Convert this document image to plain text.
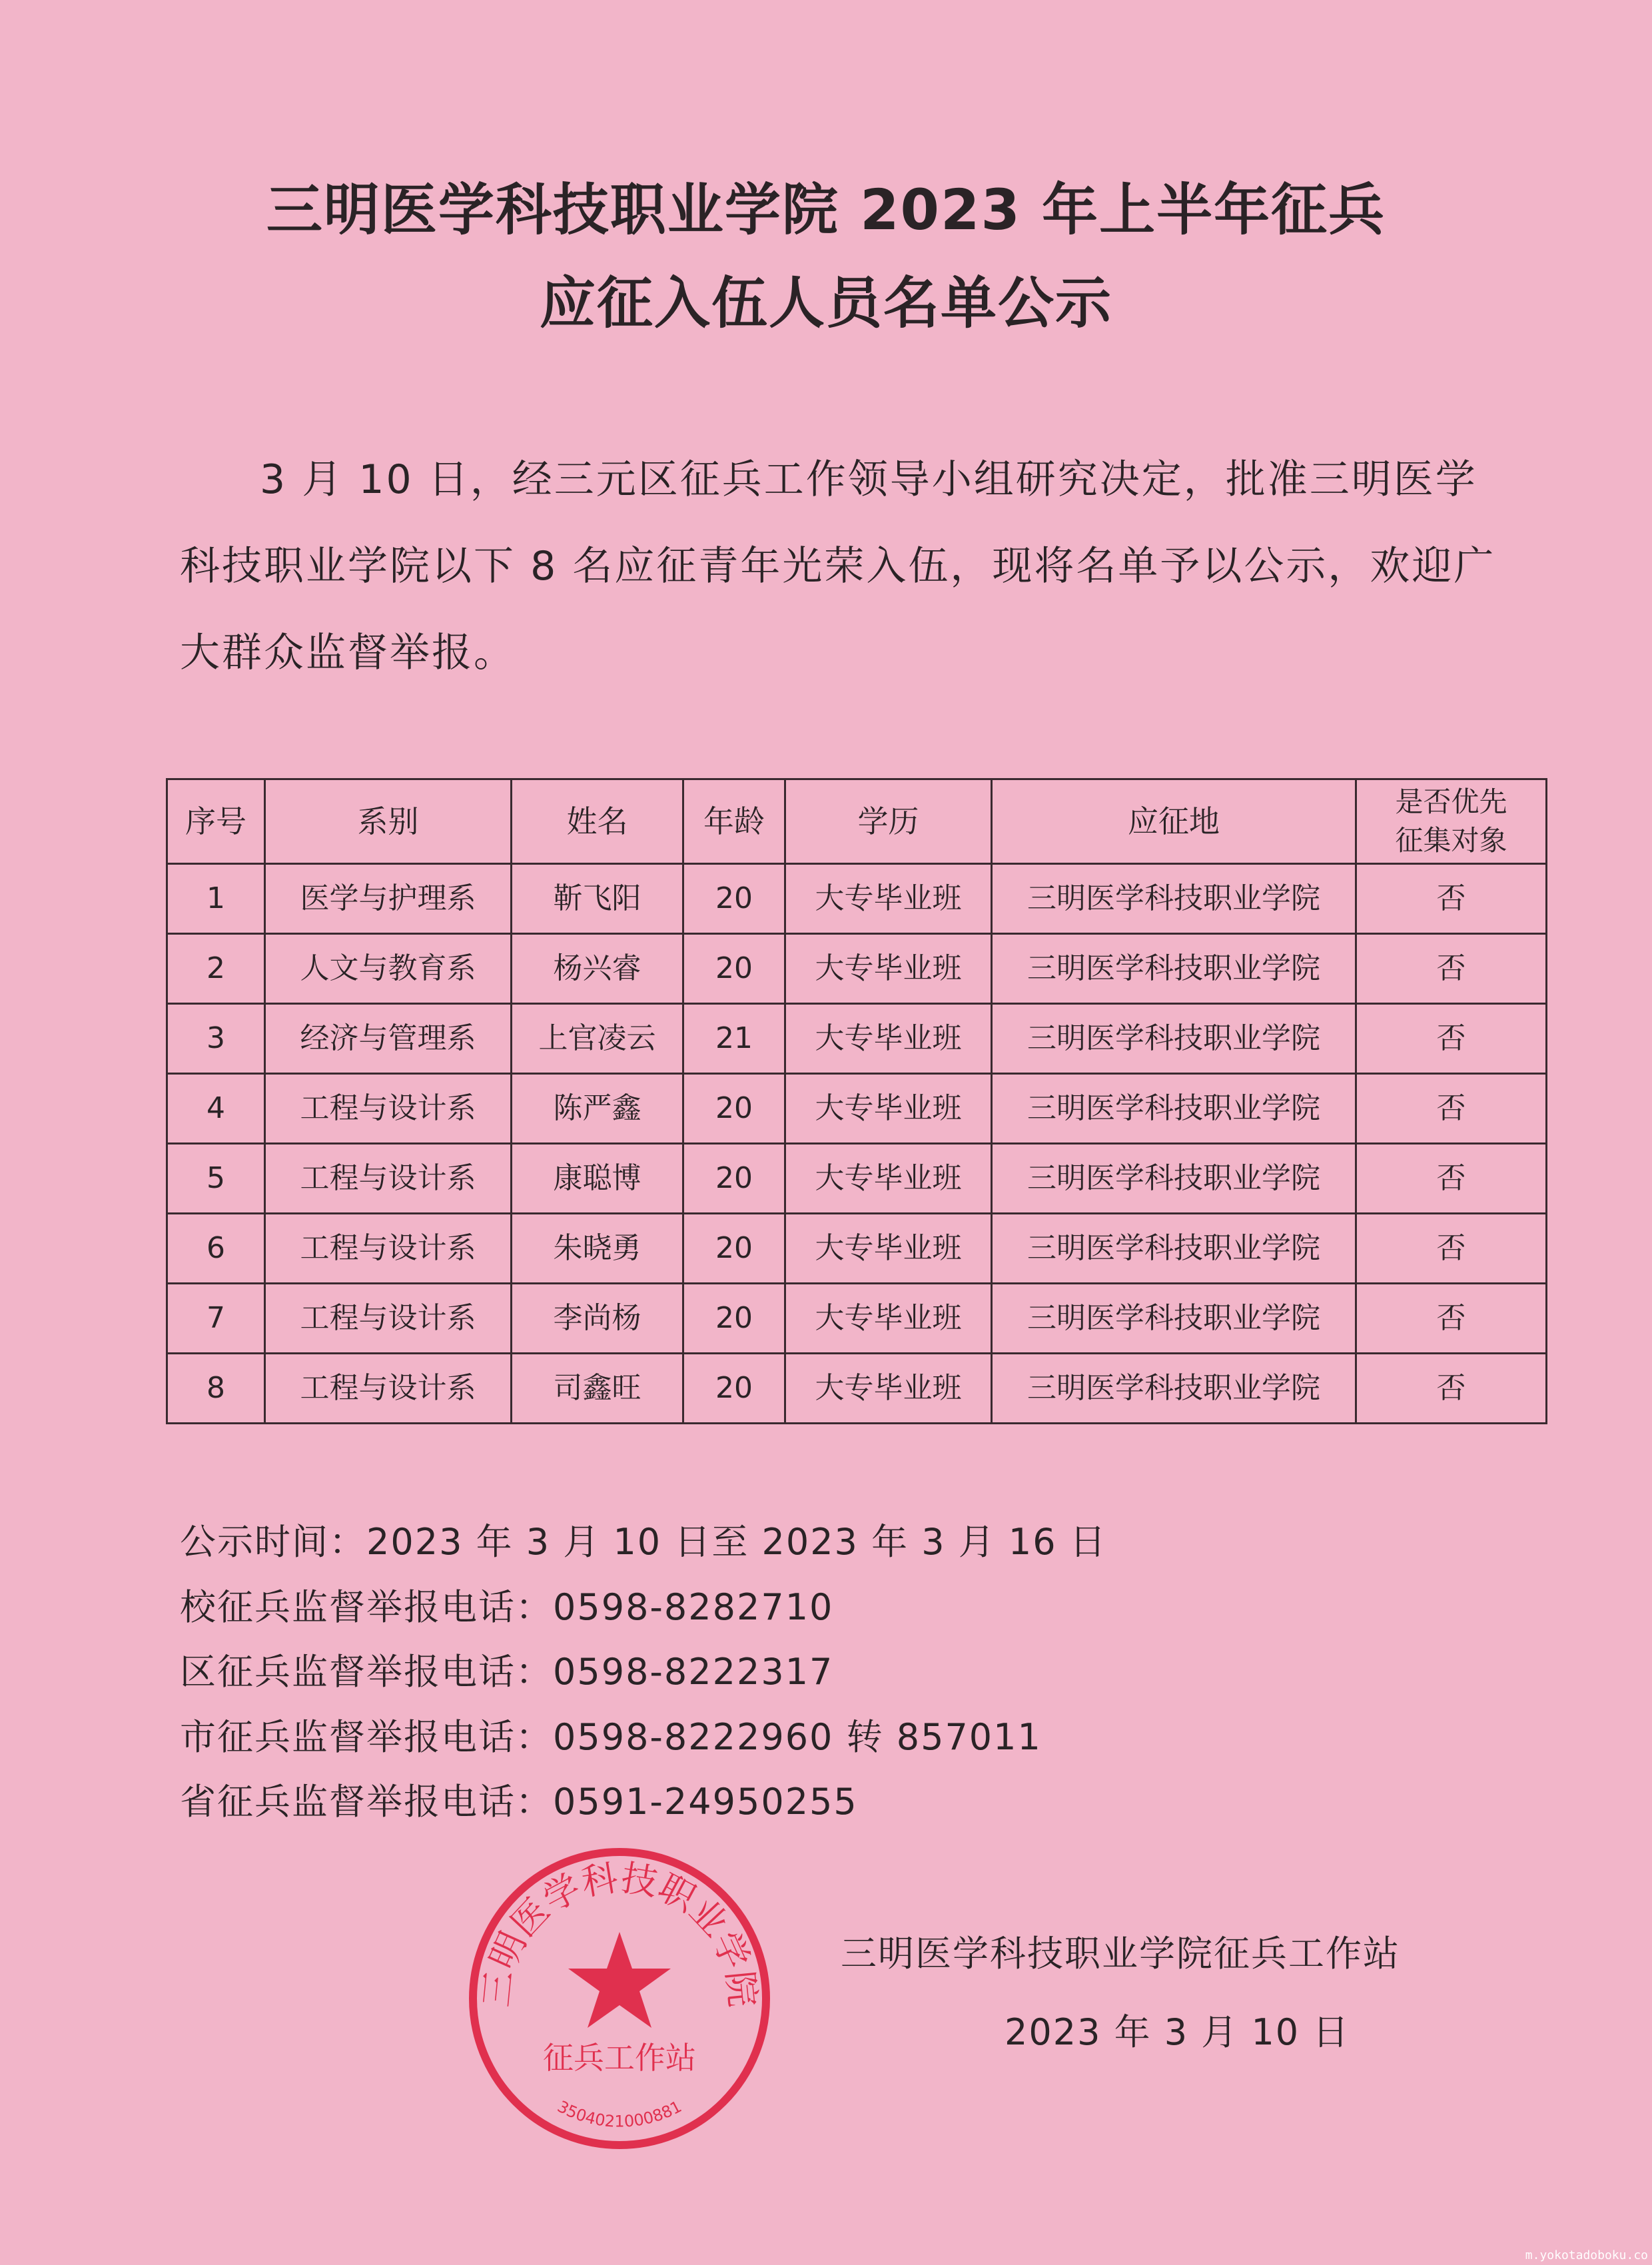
三明医学科技职业学院 2023 年上半年征兵
应征入伍人员名单公示
3 月 10 日，经三元区征兵工作领导小组研究决定，批准三明医学科技职业学院以下 8 名应征青年光荣入伍，现将名单予以公示，欢迎广大群众监督举报。
序号	系别	姓名	年龄	学历	应征地	是否优先
征集对象

1	医学与护理系	靳飞阳	20	大专毕业班	三明医学科技职业学院	否
2	人文与教育系	杨兴睿	20	大专毕业班	三明医学科技职业学院	否
3	经济与管理系	上官凌云	21	大专毕业班	三明医学科技职业学院	否
4	工程与设计系	陈严鑫	20	大专毕业班	三明医学科技职业学院	否
5	工程与设计系	康聪博	20	大专毕业班	三明医学科技职业学院	否
6	工程与设计系	朱晓勇	20	大专毕业班	三明医学科技职业学院	否
7	工程与设计系	李尚杨	20	大专毕业班	三明医学科技职业学院	否
8	工程与设计系	司鑫旺	20	大专毕业班	三明医学科技职业学院	否
公示时间：2023 年 3 月 10 日至 2023 年 3 月 16 日
校征兵监督举报电话：0598-8282710
区征兵监督举报电话：0598-8222317
市征兵监督举报电话：0598-8222960 转 857011
省征兵监督举报电话：0591-24950255
三明医学科技职业学院
征兵工作站
3504021000881
三明医学科技职业学院征兵工作站
2023 年 3 月 10 日
m.yokotadoboku.co
